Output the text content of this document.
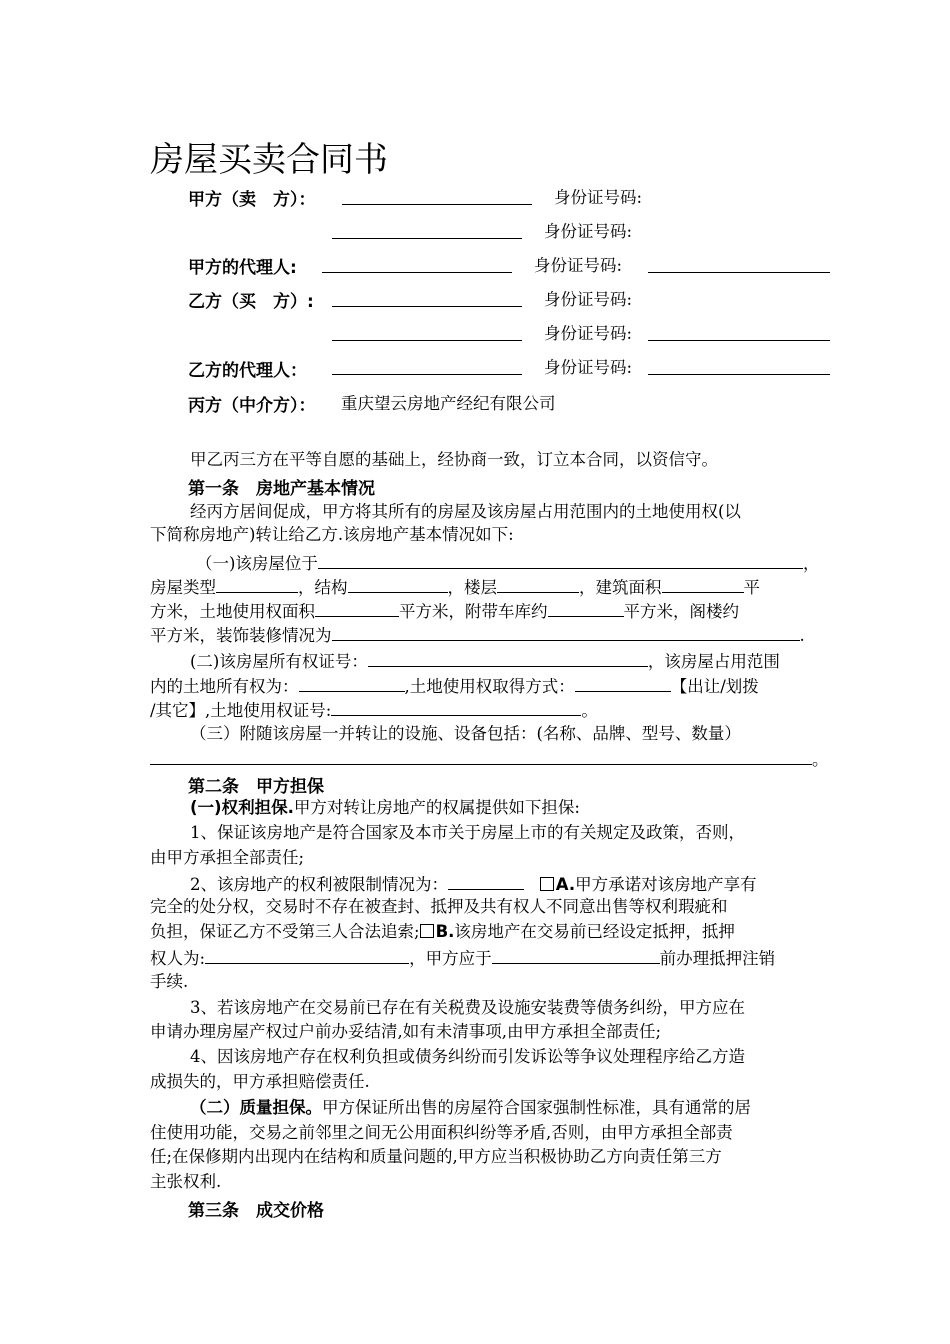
房屋买卖合同书
甲方（卖　方）：	身份证号码:
身份证号码:
甲方的代理人:	身份证号码:
乙方（买　方）:	身份证号码:
身份证号码:
乙方的代理人：	身份证号码:
丙方（中介方）： 重庆望云房地产经纪有限公司
甲乙丙三方在平等自愿的基础上，经协商一致，订立本合同，以资信守。
第一条　房地产基本情况
经丙方居间促成，甲方将其所有的房屋及该房屋占用范围内的土地使用权(以
下简称房地产)转让给乙方.该房地产基本情况如下:
（一)该房屋位于	，
房屋类型	，结构	，楼层	，建筑面积	平
方米，土地使用权面积	平方米，附带车库约	平方米，阁楼约
平方米，装饰装修情况为	.
(二)该房屋所有权证号：	，该房屋占用范围
内的土地所有权为：	,土地使用权取得方式：	【出让/划拨
/其它】,土地使用权证号:	。
（三）附随该房屋一并转让的设施、设备包括：(名称、品牌、型号、数量）
。
第二条　甲方担保
(一)权利担保.甲方对转让房地产的权属提供如下担保:
1、保证该房地产是符合国家及本市关于房屋上市的有关规定及政策，否则，
由甲方承担全部责任;
2、该房地产的权利被限制情况为：	A.甲方承诺对该房地产享有
完全的处分权，交易时不存在被查封、抵押及共有权人不同意出售等权利瑕疵和
负担，保证乙方不受第三人合法追索; B.该房地产在交易前已经设定抵押，抵押
权人为:	，甲方应于	前办理抵押注销
手续.
3、若该房地产在交易前已存在有关税费及设施安装费等债务纠纷，甲方应在
申请办理房屋产权过户前办妥结清,如有未清事项,由甲方承担全部责任;
4、因该房地产存在权利负担或债务纠纷而引发诉讼等争议处理程序给乙方造
成损失的，甲方承担赔偿责任.
（二）质量担保。甲方保证所出售的房屋符合国家强制性标准，具有通常的居
住使用功能，交易之前邻里之间无公用面积纠纷等矛盾,否则，由甲方承担全部责
任;在保修期内出现内在结构和质量问题的,甲方应当积极协助乙方向责任第三方
主张权利.
第三条　成交价格
